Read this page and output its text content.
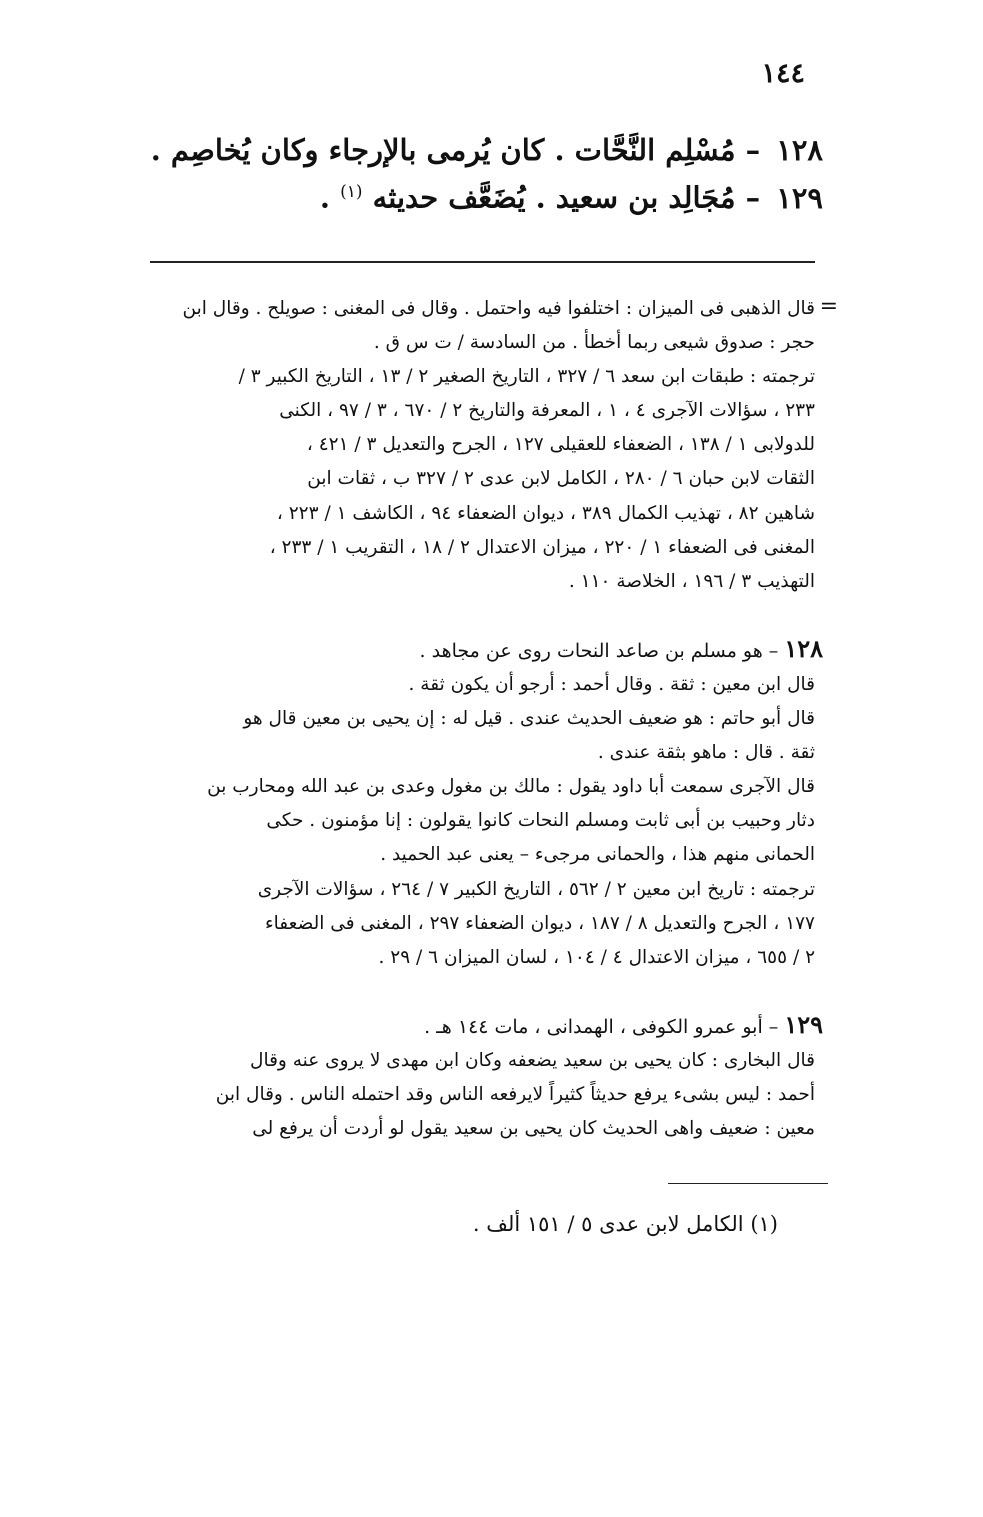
١٤٤
١٢٨ – مُسْلِم النَّحَّات . كان يُرمى بالإرجاء وكان يُخاصِم .
١٢٩ – مُجَالِد بن سعيد . يُضَعَّف حديثه $^{(١)}$ .
=
قال الذهبى فى الميزان : اختلفوا فيه واحتمل . وقال فى المغنى : صويلح . وقال ابن
حجر : صدوق شيعى ربما أخطأ . من السادسة / ت س ق .
ترجمته : طبقات ابن سعد ٦ / ٣٢٧ ، التاريخ الصغير ٢ / ١٣ ، التاريخ الكبير ٣ /
٢٣٣ ، سؤالات الآجرى ٤ ، ١ ، المعرفة والتاريخ ٢ / ٦٧٠ ، ٣ / ٩٧ ، الكنى
للدولابى ١ / ١٣٨ ، الضعفاء للعقيلى ١٢٧ ، الجرح والتعديل ٣ / ٤٢١ ،
الثقات لابن حبان ٦ / ٢٨٠ ، الكامل لابن عدى ٢ / ٣٢٧ ب ، ثقات ابن
شاهين ٨٢ ، تهذيب الكمال ٣٨٩ ، ديوان الضعفاء ٩٤ ، الكاشف ١ / ٢٢٣ ،
المغنى فى الضعفاء ١ / ٢٢٠ ، ميزان الاعتدال ٢ / ١٨ ، التقريب ١ / ٢٣٣ ،
التهذيب ٣ / ١٩٦ ، الخلاصة ١١٠ .
١٢٨ – هو مسلم بن صاعد النحات روى عن مجاهد .
قال ابن معين : ثقة . وقال أحمد : أرجو أن يكون ثقة .
قال أبو حاتم : هو ضعيف الحديث عندى . قيل له : إن يحيى بن معين قال هو
ثقة . قال : ماهو بثقة عندى .
قال الآجرى سمعت أبا داود يقول : مالك بن مغول وعدى بن عبد الله ومحارب بن
دثار وحبيب بن أبى ثابت ومسلم النحات كانوا يقولون : إنا مؤمنون . حكى
الحمانى منهم هذا ، والحمانى مرجىء – يعنى عبد الحميد .
ترجمته : تاريخ ابن معين ٢ / ٥٦٢ ، التاريخ الكبير ٧ / ٢٦٤ ، سؤالات الآجرى
١٧٧ ، الجرح والتعديل ٨ / ١٨٧ ، ديوان الضعفاء ٢٩٧ ، المغنى فى الضعفاء
٢ / ٦٥٥ ، ميزان الاعتدال ٤ / ١٠٤ ، لسان الميزان ٦ / ٢٩ .
١٢٩ – أبو عمرو الكوفى ، الهمدانى ، مات ١٤٤ هـ .
قال البخارى : كان يحيى بن سعيد يضعفه وكان ابن مهدى لا يروى عنه وقال
أحمد : ليس بشىء يرفع حديثاً كثيراً لايرفعه الناس وقد احتمله الناس . وقال ابن
معين : ضعيف واهى الحديث كان يحيى بن سعيد يقول لو أردت أن يرفع لى
(١) الكامل لابن عدى ٥ / ١٥١ ألف .
